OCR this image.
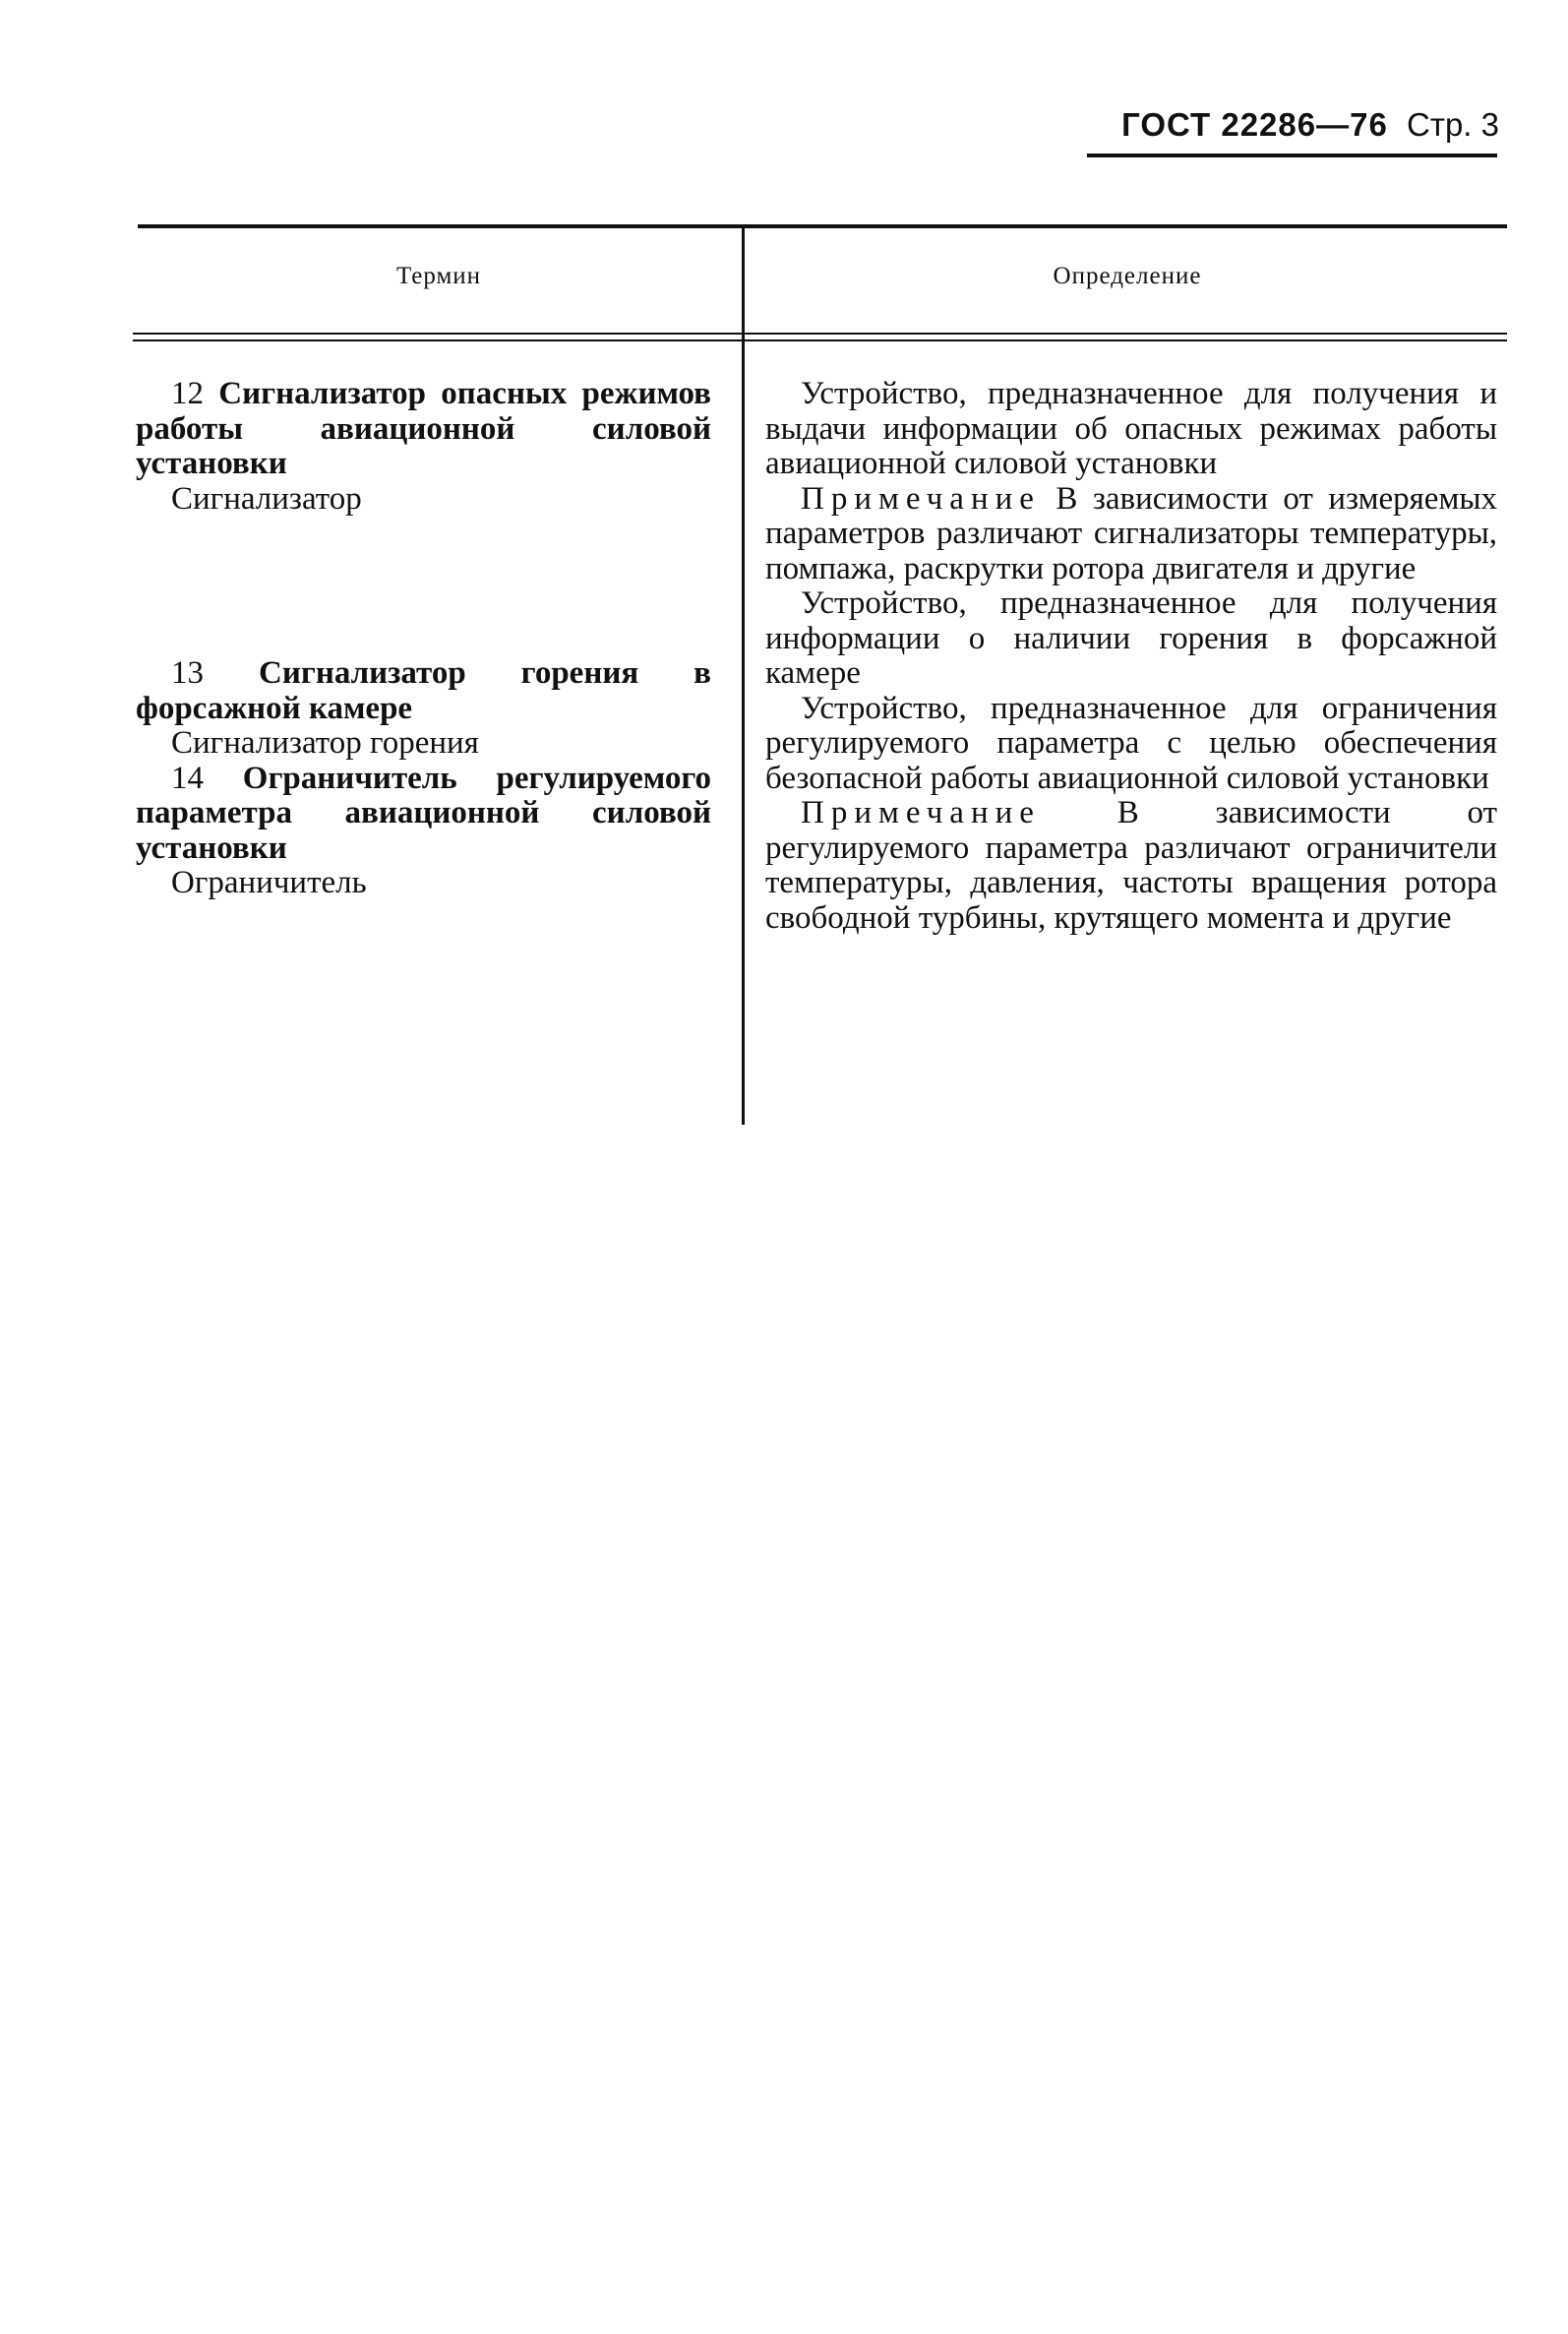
ГОСТ 22286—76 Стр. 3
Термин	Определение

12 Сигнализатор опасных режимов работы авиационной силовой установки

Сигнализатор

13 Сигнализатор горения в форсажной камере

Сигнализатор горения

14 Ограничитель регулируемого параметра авиационной силовой установки

Ограничитель

Устройство, предназначенное для получения и выдачи информации об опасных режимах работы авиационной силовой установки

Примечание В зависимости от измеряемых параметров различают сигнализаторы температуры, помпажа, раскрутки ротора двигателя и другие

Устройство, предназначенное для получения информации о наличии горения в форсажной камере

Устройство, предназначенное для ограничения регулируемого параметра с целью обеспечения безопасной работы авиационной силовой установки

Примечание В зависимости от регулируемого параметра различают ограничители температуры, давления, частоты вращения ротора свободной турбины, крутящего момента и другие
